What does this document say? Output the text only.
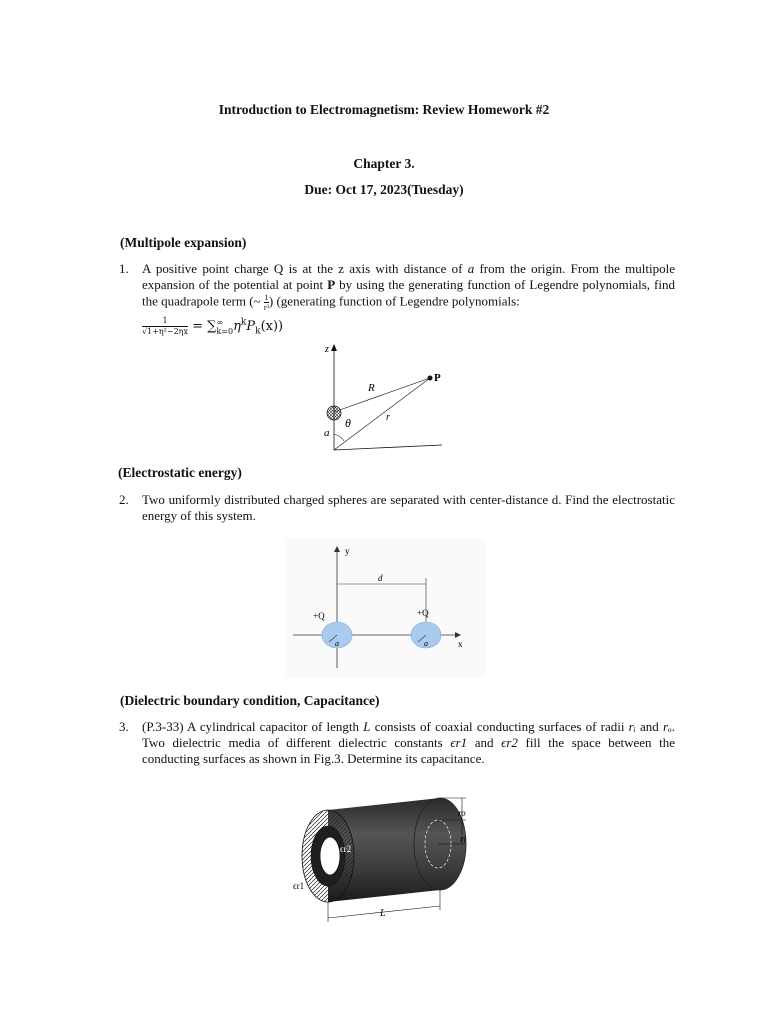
Introduction to Electromagnetism: Review Homework #2
Chapter 3.
Due: Oct 17, 2023(Tuesday)
(Multipole expansion)
1. A positive point charge Q is at the z axis with distance of a from the origin. From the multipole expansion of the potential at point P by using the generating function of Legendre polynomials, find the quadrapole term (~ $\frac{1}{\text{r³}}$ ) (generating function of Legendre polynomials:
$\frac{1}{\text{√1+η²−2ηx}}$ = ∑ ∞
k=0 $\eta^kP_k(x)$)
z
P
R
r
θ
a
(Electrostatic energy)
2. Two uniformly distributed charged spheres are separated with center-distance d. Find the electrostatic energy of this system.
y
x
d
+Q	+Q
a	a
(Dielectric boundary condition, Capacitance)
3. (P.3-33) A cylindrical capacitor of length L consists of coaxial conducting surfaces of radii rᵢ and rₒ. Two dielectric media of different dielectric constants ϵr1 and ϵr2 fill the space between the conducting surfaces as shown in Fig.3. Determine its capacitance.
ro
ri
ϵr2
ϵr1
L
